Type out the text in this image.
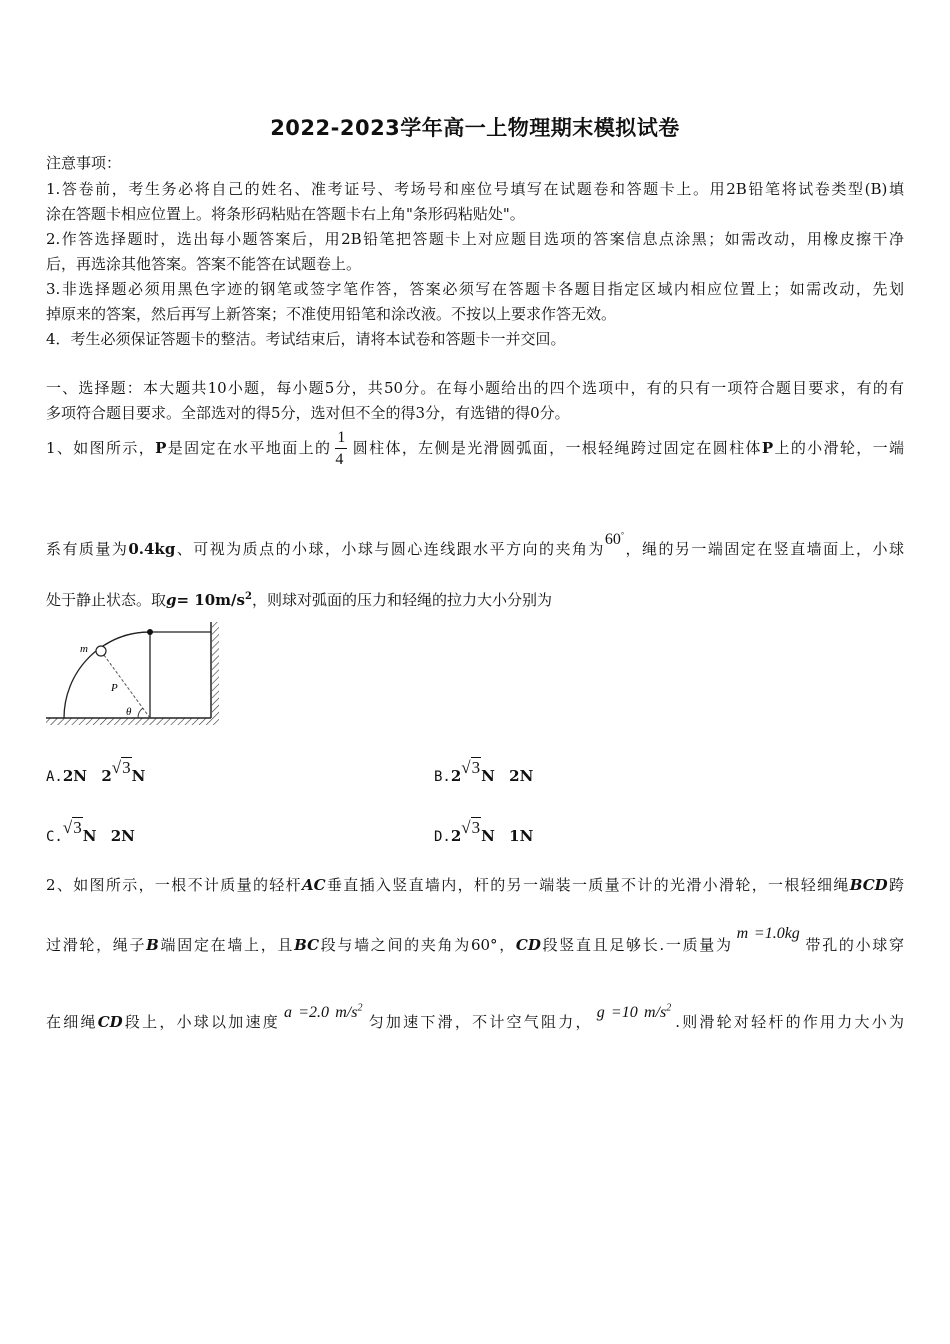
2022-2023学年高一上物理期末模拟试卷
注意事项：
1.答卷前，考生务必将自己的姓名、准考证号、考场号和座位号填写在试题卷和答题卡上。用2B铅笔将试卷类型(B)填
涂在答题卡相应位置上。将条形码粘贴在答题卡右上角"条形码粘贴处"。
2.作答选择题时，选出每小题答案后，用2B铅笔把答题卡上对应题目选项的答案信息点涂黑；如需改动，用橡皮擦干净
后，再选涂其他答案。答案不能答在试题卷上。
3.非选择题必须用黑色字迹的钢笔或签字笔作答，答案必须写在答题卡各题目指定区域内相应位置上；如需改动，先划
掉原来的答案，然后再写上新答案；不准使用铅笔和涂改液。不按以上要求作答无效。
4．考生必须保证答题卡的整洁。考试结束后，请将本试卷和答题卡一并交回。
一、选择题：本大题共10小题，每小题5分，共50分。在每小题给出的四个选项中，有的只有一项符合题目要求，有的有
多项符合题目要求。全部选对的得5分，选对但不全的得3分，有选错的得0分。
1、如图所示，P是固定在水平地面上的 $\frac{1}{4}$ 圆柱体，左侧是光滑圆弧面，一根轻绳跨过固定在圆柱体P上的小滑轮，一端
系有质量为0.4kg、可视为质点的小球，小球与圆心连线跟水平方向的夹角为60°，绳的另一端固定在竖直墙面上，小球
处于静止状态。取$g= 10m/s^2$，则球对弧面的压力和轻绳的拉力大小分别为
m
P
θ
A.2N 2√3N	B.2√3N 2N
C.√3N 2N	D.2√3N 1N
2、如图所示，一根不计质量的轻杆AC垂直插入竖直墙内，杆的另一端装一质量不计的光滑小滑轮，一根轻细绳BCD跨
过滑轮，绳子B端固定在墙上，且BC段与墙之间的夹角为60°，CD段竖直且足够长.一质量为m =1.0kg带孔的小球穿
在细绳CD段上，小球以加速度a =2.0 $m/s^2$匀加速下滑，不计空气阻力，g =10 $m/s^2$.则滑轮对轻杆的作用力大小为
